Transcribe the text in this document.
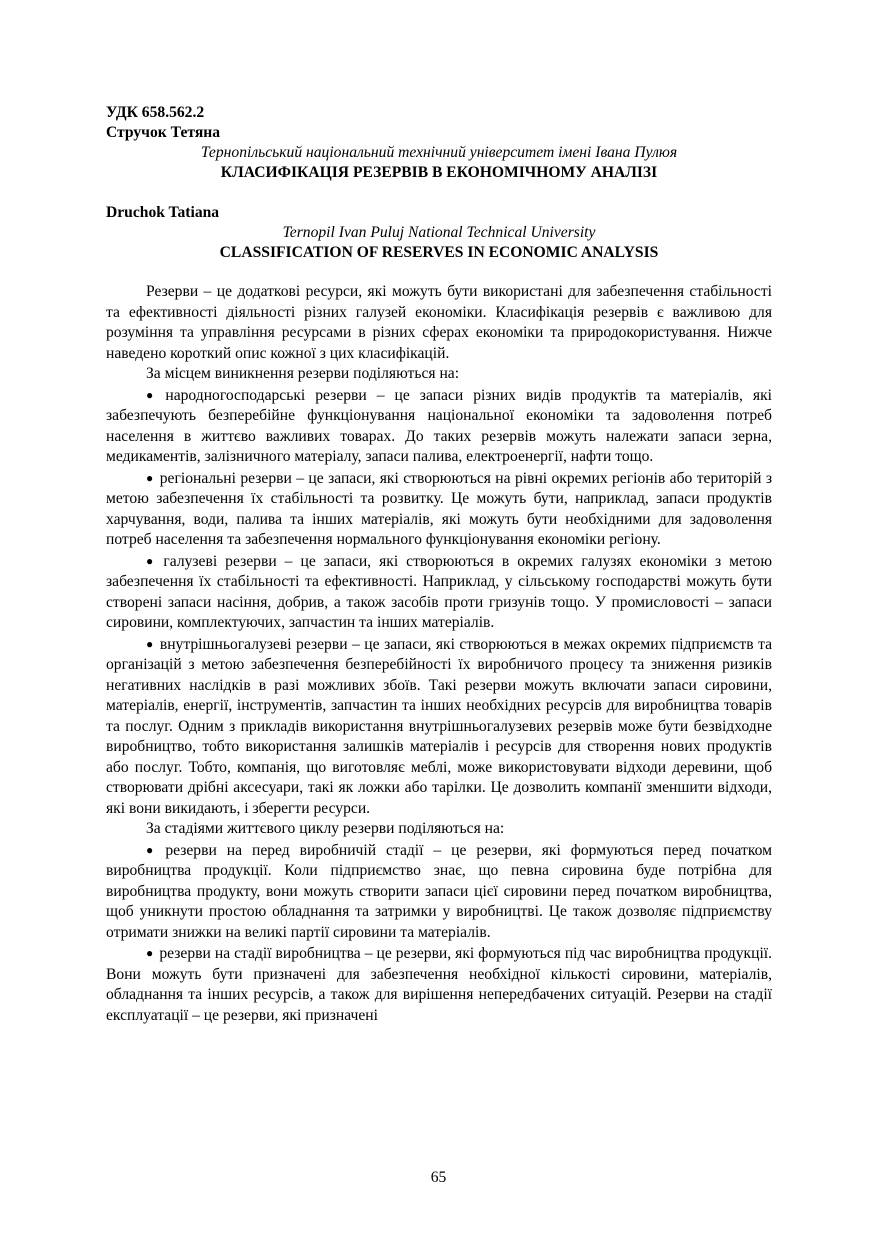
УДК 658.562.2
Стручок Тетяна
Тернопільський національний технічний університет імені Івана Пулюя
КЛАСИФІКАЦІЯ РЕЗЕРВІВ В ЕКОНОМІЧНОМУ АНАЛІЗІ
Druchok Tatiana
Ternopil Ivan Puluj National Technical University
CLASSIFICATION OF RESERVES IN ECONOMIC ANALYSIS

Резерви – це додаткові ресурси, які можуть бути використані для забезпечення стабільності та ефективності діяльності різних галузей економіки. Класифікація резервів є важливою для розуміння та управління ресурсами в різних сферах економіки та природокористування. Нижче наведено короткий опис кожної з цих класифікацій.

За місцем виникнення резерви поділяються на:

● народногосподарські резерви – це запаси різних видів продуктів та матеріалів, які забезпечують безперебійне функціонування національної економіки та задоволення потреб населення в життєво важливих товарах. До таких резервів можуть належати запаси зерна, медикаментів, залізничного матеріалу, запаси палива, електроенергії, нафти тощо.

● регіональні резерви – це запаси, які створюються на рівні окремих регіонів або територій з метою забезпечення їх стабільності та розвитку. Це можуть бути, наприклад, запаси продуктів харчування, води, палива та інших матеріалів, які можуть бути необхідними для задоволення потреб населення та забезпечення нормального функціонування економіки регіону.

● галузеві резерви – це запаси, які створюються в окремих галузях економіки з метою забезпечення їх стабільності та ефективності. Наприклад, у сільському господарстві можуть бути створені запаси насіння, добрив, а також засобів проти гризунів тощо. У промисловості – запаси сировини, комплектуючих, запчастин та інших матеріалів.

● внутрішньогалузеві резерви – це запаси, які створюються в межах окремих підприємств та організацій з метою забезпечення безперебійності їх виробничого процесу та зниження ризиків негативних наслідків в разі можливих збоїв. Такі резерви можуть включати запаси сировини, матеріалів, енергії, інструментів, запчастин та інших необхідних ресурсів для виробництва товарів та послуг. Одним з прикладів використання внутрішньогалузевих резервів може бути безвідходне виробництво, тобто використання залишків матеріалів і ресурсів для створення нових продуктів або послуг. Тобто, компанія, що виготовляє меблі, може використовувати відходи деревини, щоб створювати дрібні аксесуари, такі як ложки або тарілки. Це дозволить компанії зменшити відходи, які вони викидають, і зберегти ресурси.

За стадіями життєвого циклу резерви поділяються на:

● резерви на перед виробничій стадії – це резерви, які формуються перед початком виробництва продукції. Коли підприємство знає, що певна сировина буде потрібна для виробництва продукту, вони можуть створити запаси цієї сировини перед початком виробництва, щоб уникнути простою обладнання та затримки у виробництві. Це також дозволяє підприємству отримати знижки на великі партії сировини та матеріалів.

● резерви на стадії виробництва – це резерви, які формуються під час виробництва продукції. Вони можуть бути призначені для забезпечення необхідної кількості сировини, матеріалів, обладнання та інших ресурсів, а також для вирішення непередбачених ситуацій. Резерви на стадії експлуатації – це резерви, які призначені

65
